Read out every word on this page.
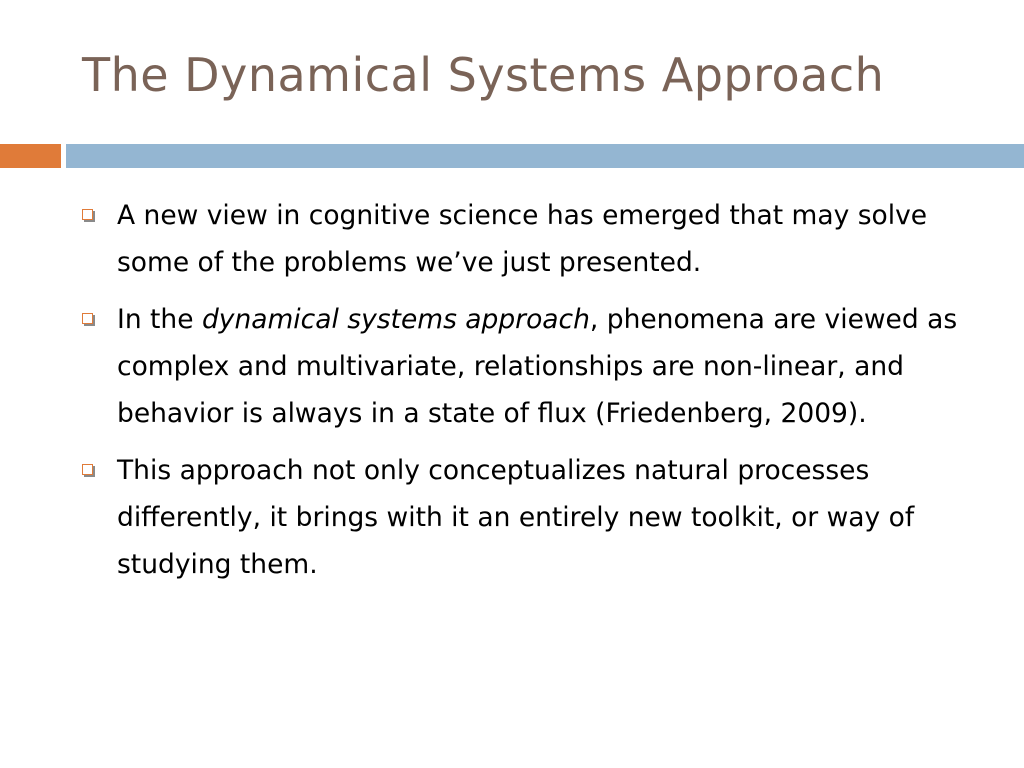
The Dynamical Systems Approach
A new view in cognitive science has emerged that may solve some of the problems we’ve just presented.
In the dynamical systems approach, phenomena are viewed as complex and multivariate, relationships are non-linear, and behavior is always in a state of flux (Friedenberg, 2009).
This approach not only conceptualizes natural processes differently, it brings with it an entirely new toolkit, or way of studying them.
